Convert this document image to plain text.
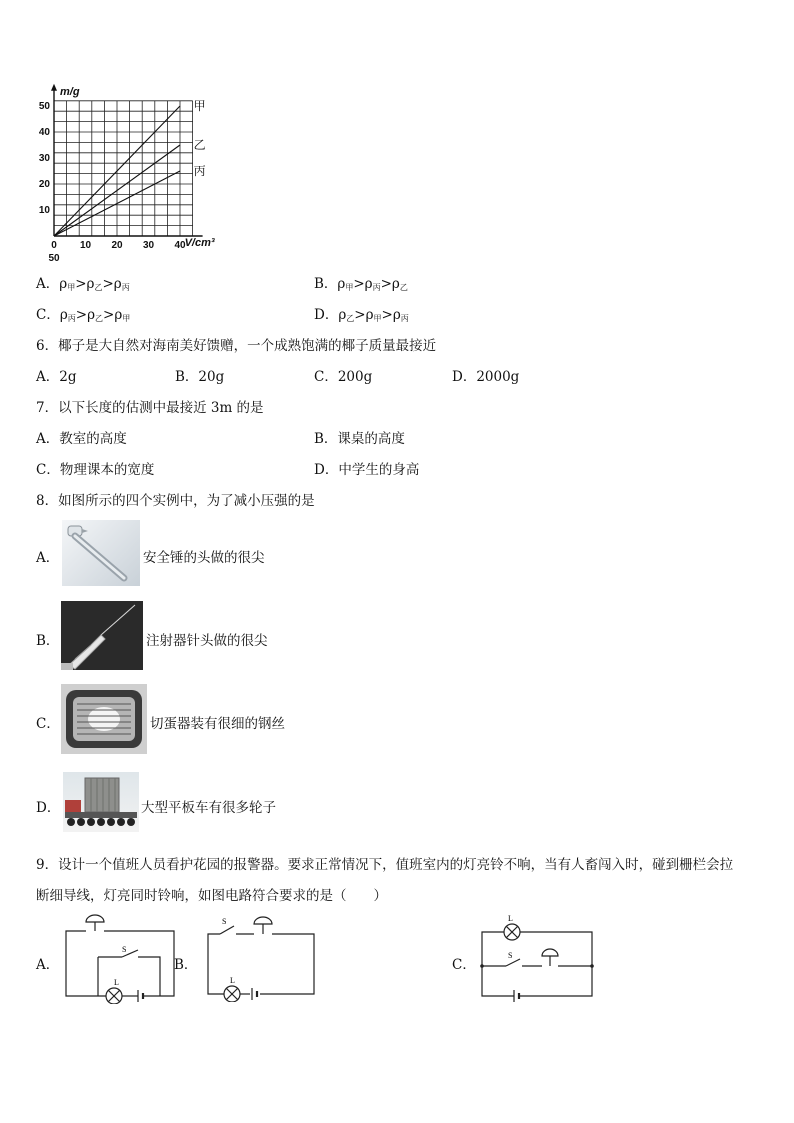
10
20
30
40
50
0 10 20 30 40
50
m/g
V/cm³
甲
乙
丙
A．$\rho_甲>\rho_乙>\rho_丙$	B．$\rho_甲>\rho_丙>\rho_乙$
C．$\rho_丙>\rho_乙>\rho_甲$	D．$\rho_乙>\rho_甲>\rho_丙$
6．椰子是大自然对海南美好馈赠，一个成熟饱满的椰子质量最接近
A．2g	B．20g	C．200g	D．2000g
7．以下长度的估测中最接近 3m 的是
A．教室的高度	B．课桌的高度
C．物理课本的宽度	D．中学生的身高
8．如图所示的四个实例中，为了减小压强的是
A．	安全锤的头做的很尖
B．	注射器针头做的很尖
C．	切蛋器装有很细的钢丝
D．	大型平板车有很多轮子
9．设计一个值班人员看护花园的报警器。要求正常情况下，值班室内的灯亮铃不响，当有人畜闯入时，碰到栅栏会拉
断细导线，灯亮同时铃响，如图电路符合要求的是（　　）
A．	B．	C．
S
L
S
L
S
L
